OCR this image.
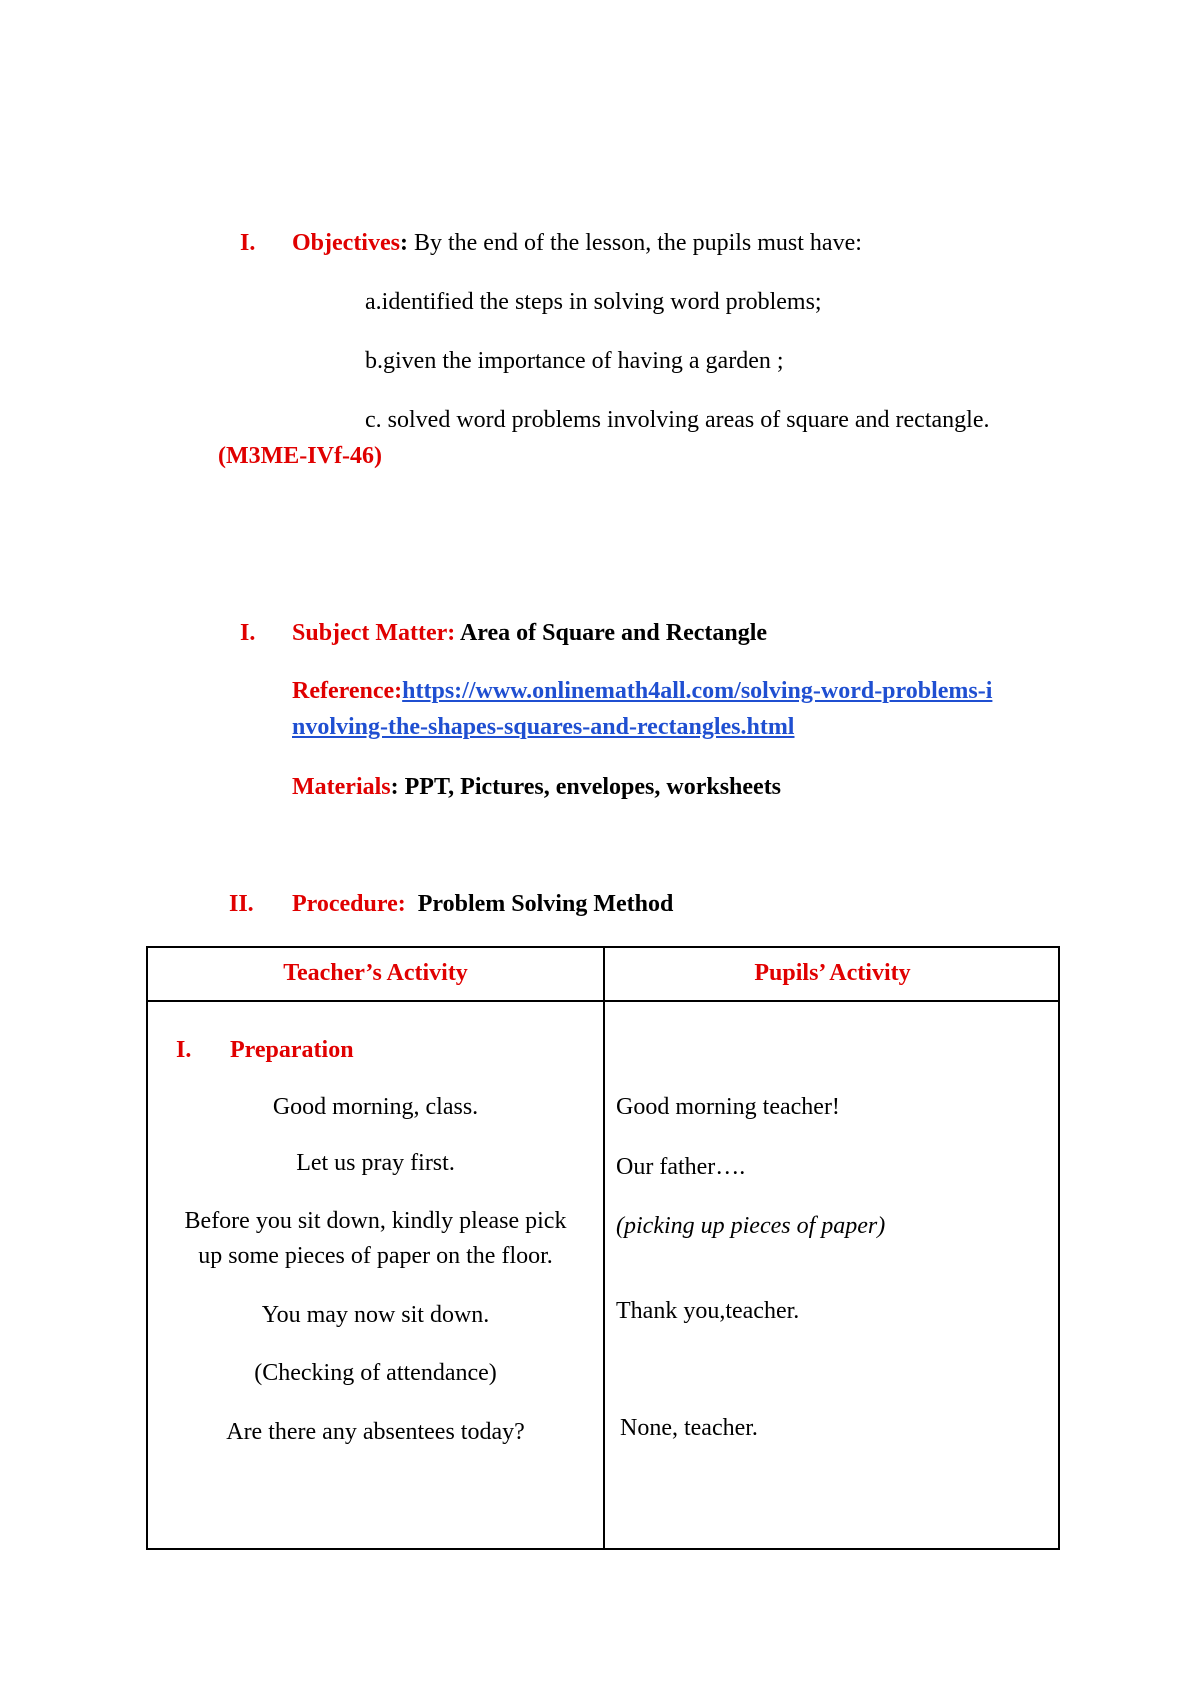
I. Objectives: By the end of the lesson, the pupils must have:
a.identified the steps in solving word problems;
b.given the importance of having a garden ;
c. solved word problems involving areas of square and rectangle.
(M3ME-IVf-46)
I. Subject Matter: Area of Square and Rectangle
Reference:https://www.onlinemath4all.com/solving-word-problems-i
nvolving-the-shapes-squares-and-rectangles.html
Materials: PPT, Pictures, envelopes, worksheets
II. Procedure:  Problem Solving Method
Teacher’s Activity	Pupils’ Activity
I. Preparation
Good morning, class.
Let us pray first.
Before you sit down, kindly please pick
up some pieces of paper on the floor.
You may now sit down.
(Checking of attendance)
Are there any absentees today?
Good morning teacher!
Our father….
(picking up pieces of paper)
Thank you,teacher.
None, teacher.
